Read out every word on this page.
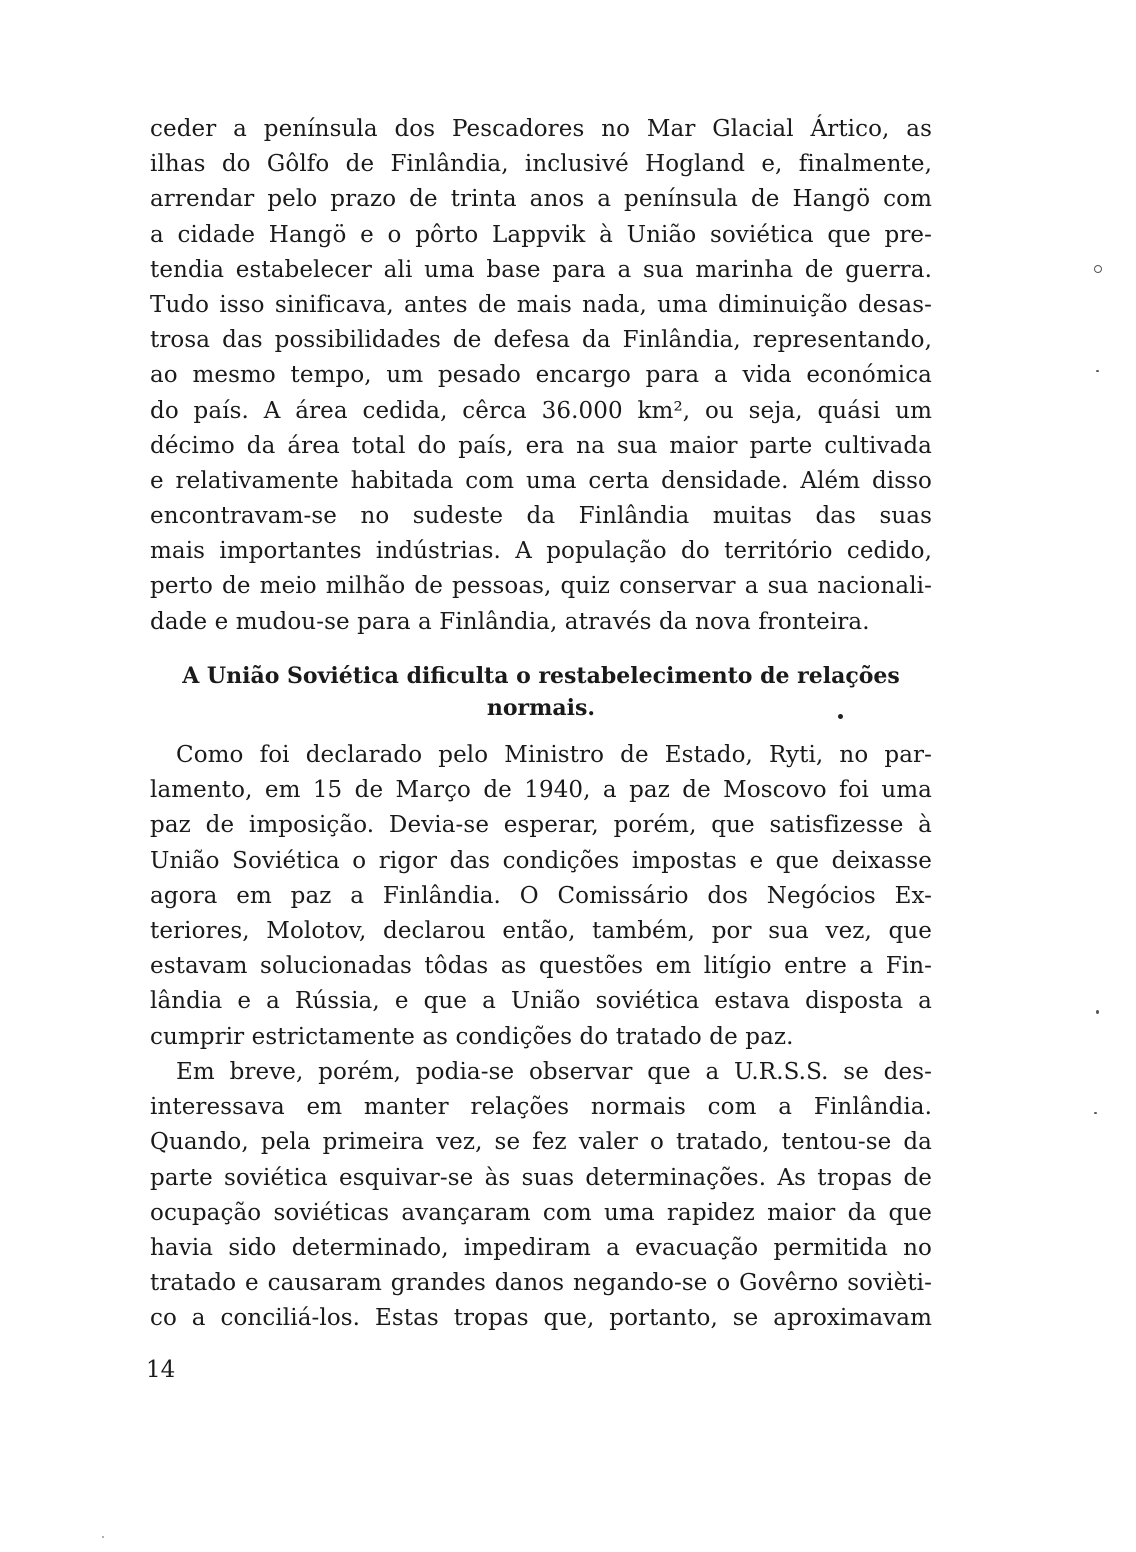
ceder a península dos Pescadores no Mar Glacial Ártico, as
ilhas do Gôlfo de Finlândia, inclusivé Hogland e, finalmente,
arrendar pelo prazo de trinta anos a península de Hangö com
a cidade Hangö e o pôrto Lappvik à União soviética que pre-
tendia estabelecer ali uma base para a sua marinha de guerra.
Tudo isso sinificava, antes de mais nada, uma diminuição desas-
trosa das possibilidades de defesa da Finlândia, representando,
ao mesmo tempo, um pesado encargo para a vida económica
do país. A área cedida, cêrca 36.000 km², ou seja, quási um
décimo da área total do país, era na sua maior parte cultivada
e relativamente habitada com uma certa densidade. Além disso
encontravam-se no sudeste da Finlândia muitas das suas
mais importantes indústrias. A população do território cedido,
perto de meio milhão de pessoas, quiz conservar a sua nacionali-
dade e mudou-se para a Finlândia, através da nova fronteira.
A União Soviética dificulta o restabelecimento de relações
normais.
Como foi declarado pelo Ministro de Estado, Ryti, no par-
lamento, em 15 de Março de 1940, a paz de Moscovo foi uma
paz de imposição. Devia-se esperar, porém, que satisfizesse à
União Soviética o rigor das condições impostas e que deixasse
agora em paz a Finlândia. O Comissário dos Negócios Ex-
teriores, Molotov, declarou então, também, por sua vez, que
estavam solucionadas tôdas as questões em litígio entre a Fin-
lândia e a Rússia, e que a União soviética estava disposta a
cumprir estrictamente as condições do tratado de paz.
Em breve, porém, podia-se observar que a U.R.S.S. se des-
interessava em manter relações normais com a Finlândia.
Quando, pela primeira vez, se fez valer o tratado, tentou-se da
parte soviética esquivar-se às suas determinações. As tropas de
ocupação soviéticas avançaram com uma rapidez maior da que
havia sido determinado, impediram a evacuação permitida no
tratado e causaram grandes danos negando-se o Govêrno sovièti-
co a conciliá-los. Estas tropas que, portanto, se aproximavam
14
